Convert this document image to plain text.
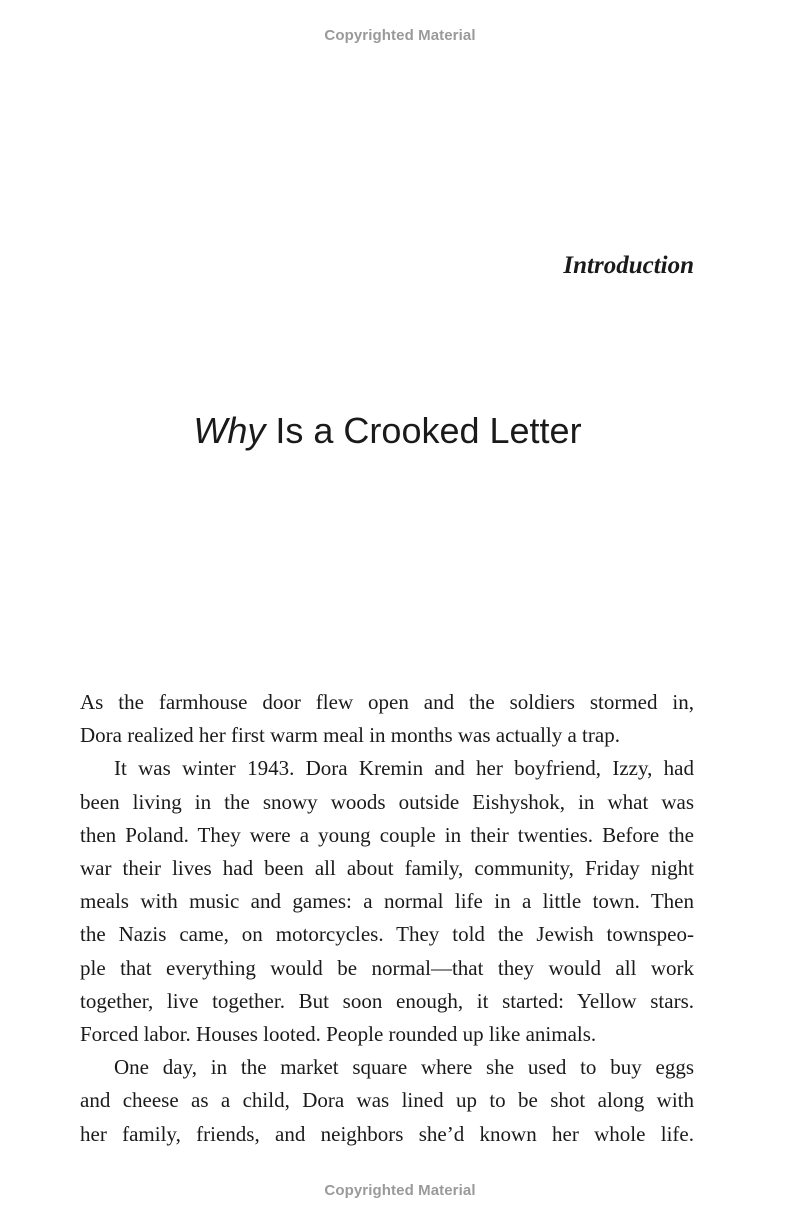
Copyrighted Material
Introduction
Why Is a Crooked Letter

As the farmhouse door flew open and the soldiers stormed in,
Dora realized her first warm meal in months was actually a trap.

It was winter 1943. Dora Kremin and her boyfriend, Izzy, had
been living in the snowy woods outside Eishyshok, in what was
then Poland. They were a young couple in their twenties. Before the
war their lives had been all about family, community, Friday night
meals with music and games: a normal life in a little town. Then
the Nazis came, on motorcycles. They told the Jewish townspeo-
ple that everything would be normal—that they would all work
together, live together. But soon enough, it started: Yellow stars.
Forced labor. Houses looted. People rounded up like animals.

One day, in the market square where she used to buy eggs
and cheese as a child, Dora was lined up to be shot along with
her family, friends, and neighbors she’d known her whole life.

Copyrighted Material
